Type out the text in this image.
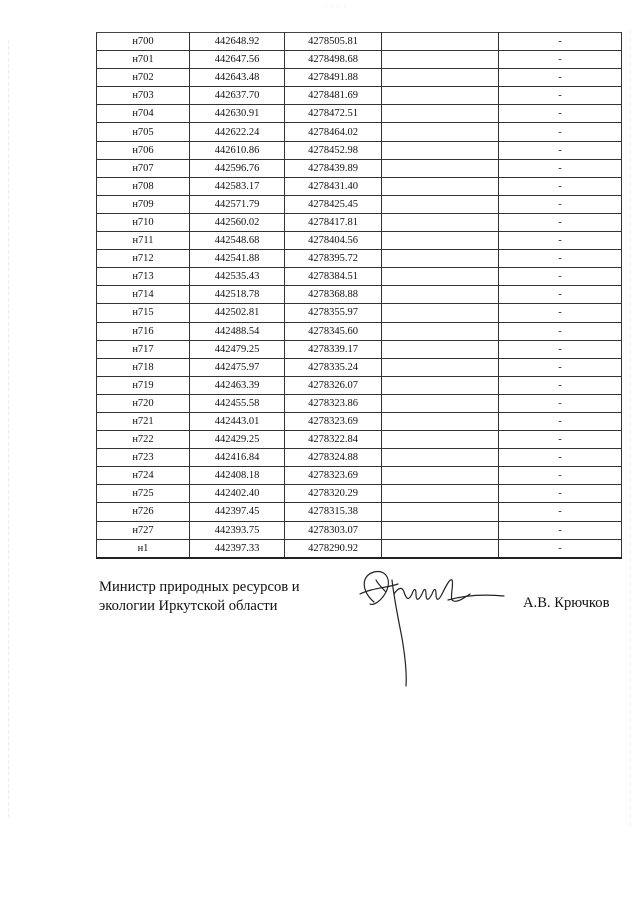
· · · ·
н700	442648.92	4278505.81		-
н701	442647.56	4278498.68		-
н702	442643.48	4278491.88		-
н703	442637.70	4278481.69		-
н704	442630.91	4278472.51		-
н705	442622.24	4278464.02		-
н706	442610.86	4278452.98		-
н707	442596.76	4278439.89		-
н708	442583.17	4278431.40		-
н709	442571.79	4278425.45		-
н710	442560.02	4278417.81		-
н711	442548.68	4278404.56		-
н712	442541.88	4278395.72		-
н713	442535.43	4278384.51		-
н714	442518.78	4278368.88		-
н715	442502.81	4278355.97		-
н716	442488.54	4278345.60		-
н717	442479.25	4278339.17		-
н718	442475.97	4278335.24		-
н719	442463.39	4278326.07		-
н720	442455.58	4278323.86		-
н721	442443.01	4278323.69		-
н722	442429.25	4278322.84		-
н723	442416.84	4278324.88		-
н724	442408.18	4278323.69		-
н725	442402.40	4278320.29		-
н726	442397.45	4278315.38		-
н727	442393.75	4278303.07		-
н1	442397.33	4278290.92		-
Министр природных ресурсов и
экологии Иркутской области	А.В. Крючков
